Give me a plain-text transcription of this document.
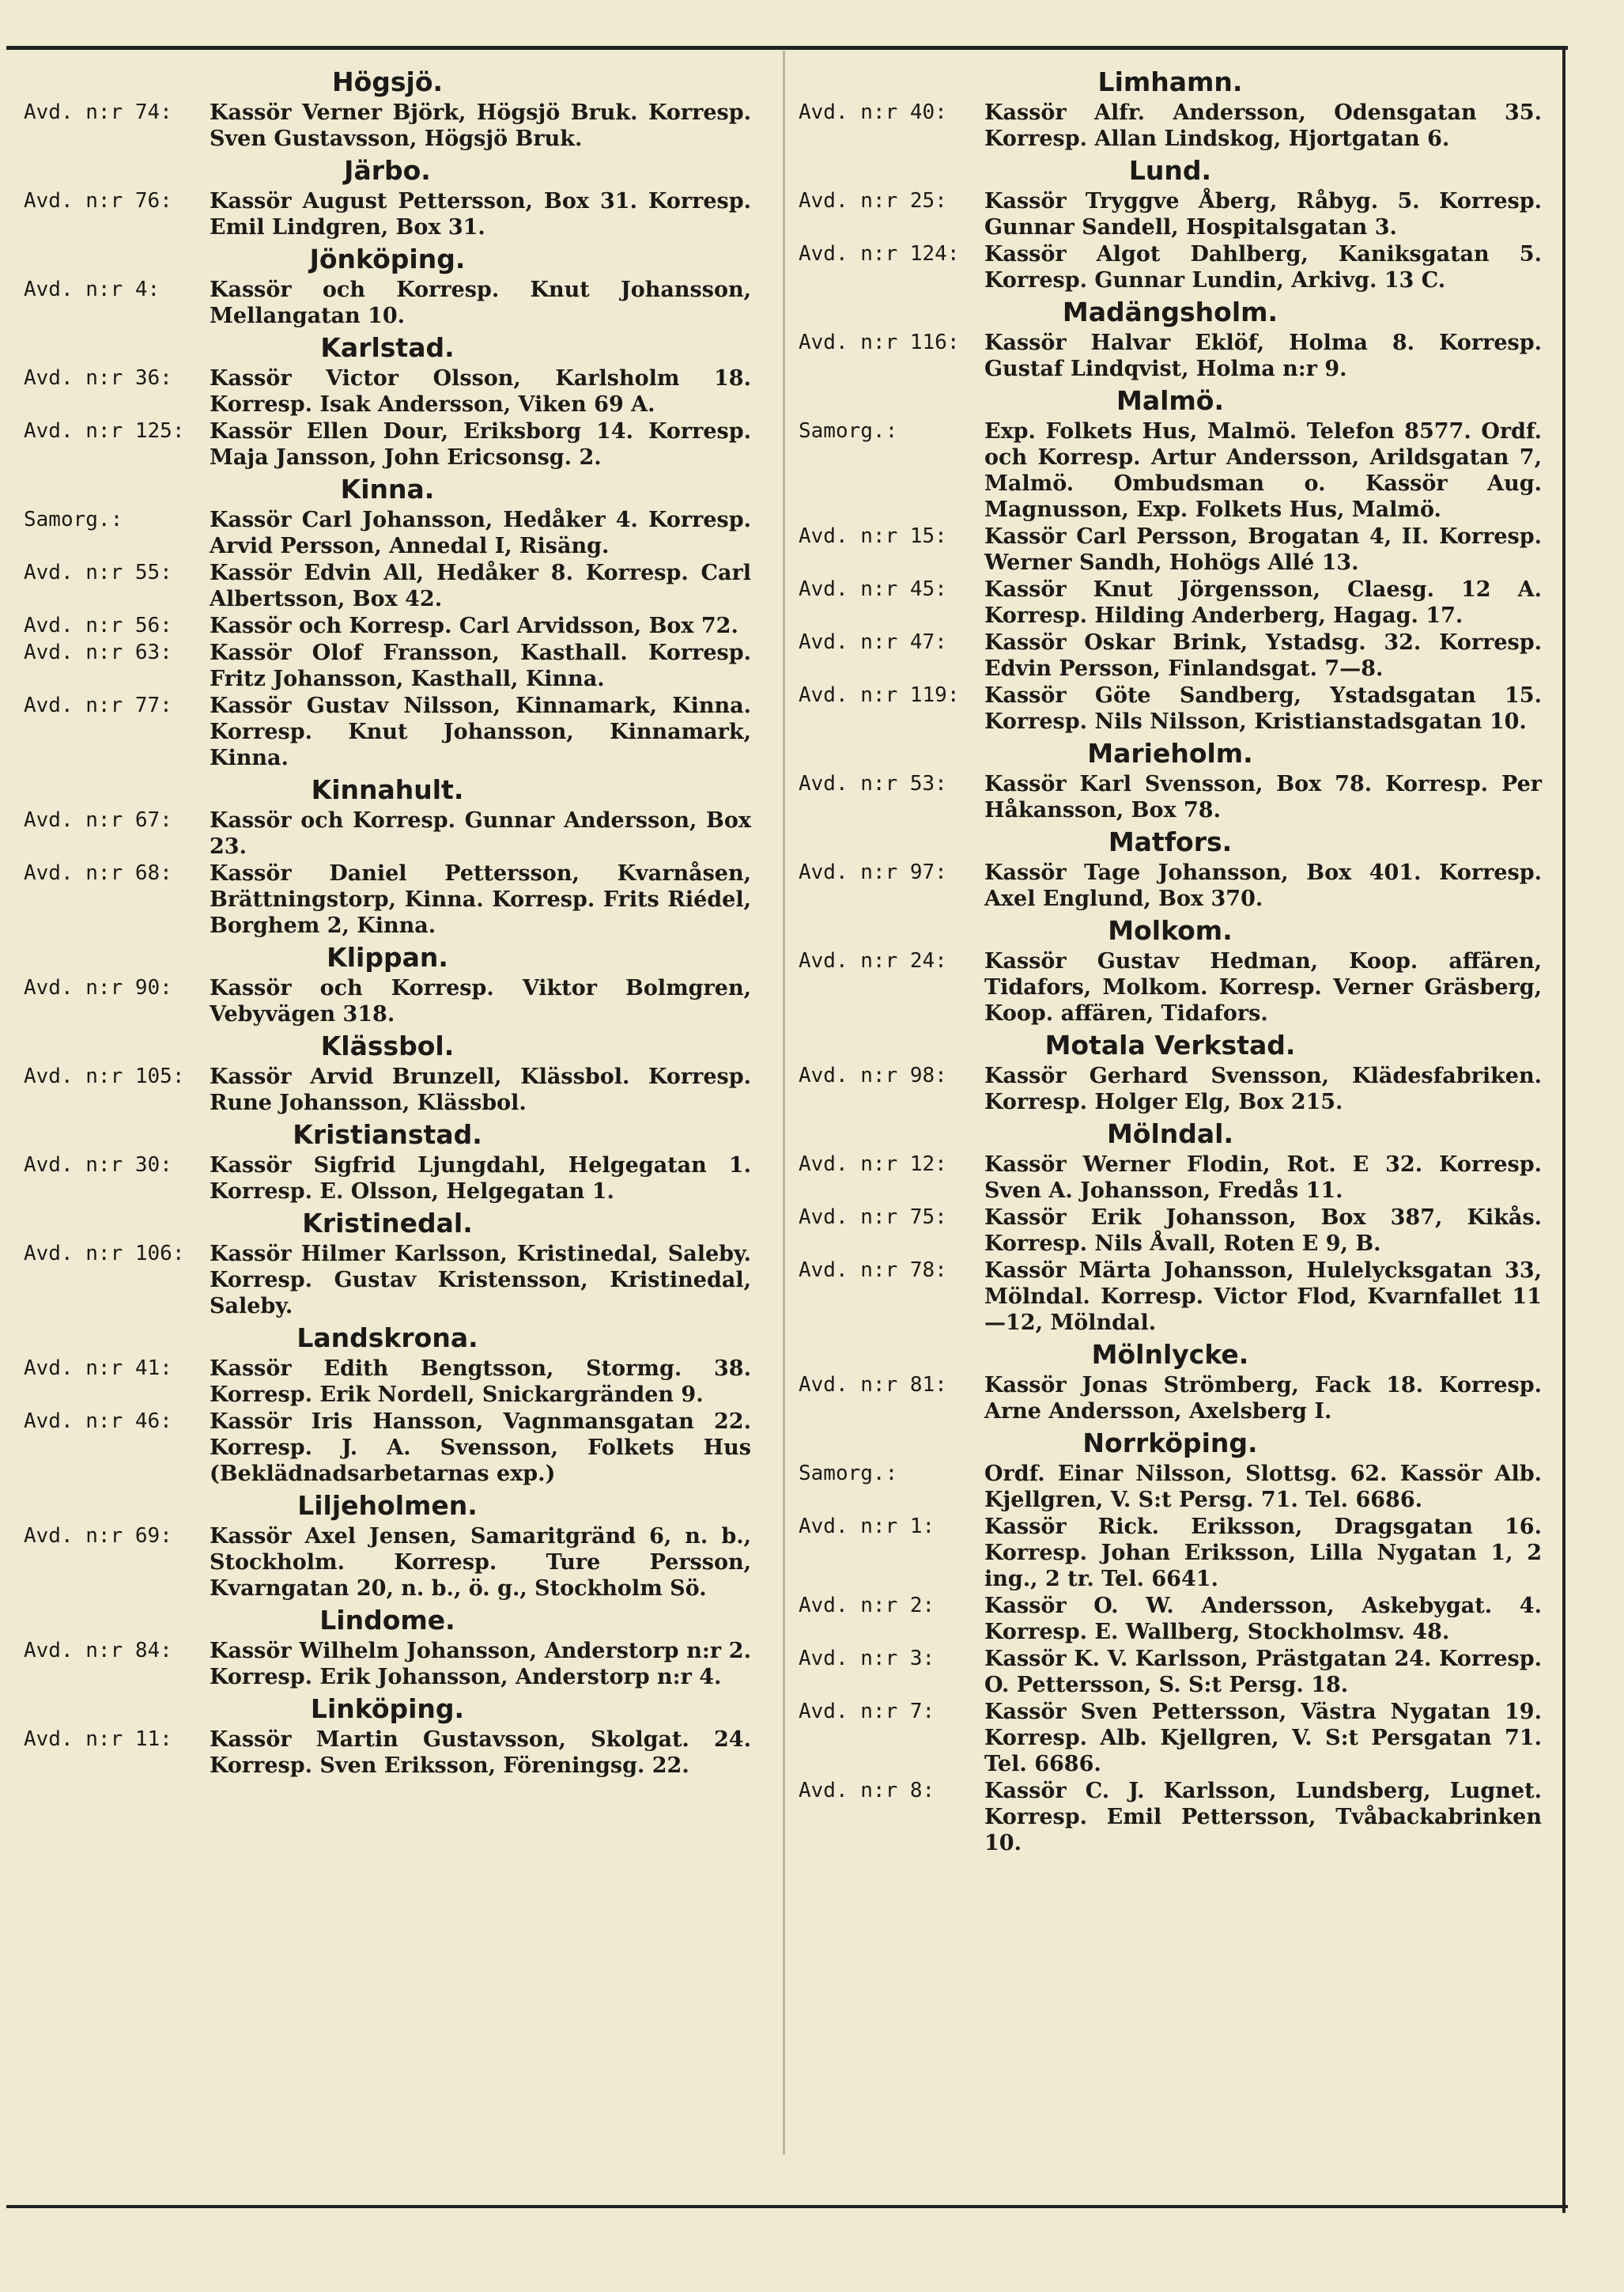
Högsjö.
Avd. n:r 74:	Kassör Verner Björk, Högsjö Bruk. Korresp. Sven Gustavsson, Högsjö Bruk.
Järbo.
Avd. n:r 76:	Kassör August Pettersson, Box 31. Korresp. Emil Lindgren, Box 31.
Jönköping.
Avd. n:r 4:	Kassör och Korresp. Knut Johansson, Mellangatan 10.
Karlstad.
Avd. n:r 36:	Kassör Victor Olsson, Karlsholm 18. Korresp. Isak Andersson, Viken 69 A.
Avd. n:r 125:	Kassör Ellen Dour, Eriksborg 14. Korresp. Maja Jansson, John Ericsonsg. 2.
Kinna.
Samorg.:	Kassör Carl Johansson, Hedåker 4. Korresp. Arvid Persson, Annedal I, Risäng.
Avd. n:r 55:	Kassör Edvin All, Hedåker 8. Korresp. Carl Albertsson, Box 42.
Avd. n:r 56:	Kassör och Korresp. Carl Arvidsson, Box 72.
Avd. n:r 63:	Kassör Olof Fransson, Kasthall. Korresp. Fritz Johansson, Kasthall, Kinna.
Avd. n:r 77:	Kassör Gustav Nilsson, Kinnamark, Kinna. Korresp. Knut Johansson, Kinnamark, Kinna.
Kinnahult.
Avd. n:r 67:	Kassör och Korresp. Gunnar Andersson, Box 23.
Avd. n:r 68:	Kassör Daniel Pettersson, Kvarnåsen, Brättningstorp, Kinna. Korresp. Frits Riédel, Borghem 2, Kinna.
Klippan.
Avd. n:r 90:	Kassör och Korresp. Viktor Bolmgren, Vebyvägen 318.
Klässbol.
Avd. n:r 105:	Kassör Arvid Brunzell, Klässbol. Korresp. Rune Johansson, Klässbol.
Kristianstad.
Avd. n:r 30:	Kassör Sigfrid Ljungdahl, Helgegatan 1. Korresp. E. Olsson, Helgegatan 1.
Kristinedal.
Avd. n:r 106:	Kassör Hilmer Karlsson, Kristinedal, Saleby. Korresp. Gustav Kristensson, Kristinedal, Saleby.
Landskrona.
Avd. n:r 41:	Kassör Edith Bengtsson, Stormg. 38. Korresp. Erik Nordell, Snickargränden 9.
Avd. n:r 46:	Kassör Iris Hansson, Vagnmansgatan 22. Korresp. J. A. Svensson, Folkets Hus (Beklädnadsarbetarnas exp.)
Liljeholmen.
Avd. n:r 69:	Kassör Axel Jensen, Samaritgränd 6, n. b., Stockholm. Korresp. Ture Persson, Kvarngatan 20, n. b., ö. g., Stockholm Sö.
Lindome.
Avd. n:r 84:	Kassör Wilhelm Johansson, Anderstorp n:r 2. Korresp. Erik Johansson, Anderstorp n:r 4.
Linköping.
Avd. n:r 11:	Kassör Martin Gustavsson, Skolgat. 24. Korresp. Sven Eriksson, Föreningsg. 22.
Limhamn.
Avd. n:r 40:	Kassör Alfr. Andersson, Odensgatan 35. Korresp. Allan Lindskog, Hjortgatan 6.
Lund.
Avd. n:r 25:	Kassör Tryggve Åberg, Råbyg. 5. Korresp. Gunnar Sandell, Hospitalsgatan 3.
Avd. n:r 124:	Kassör Algot Dahlberg, Kaniksgatan 5. Korresp. Gunnar Lundin, Arkivg. 13 C.
Madängsholm.
Avd. n:r 116:	Kassör Halvar Eklöf, Holma 8. Korresp. Gustaf Lindqvist, Holma n:r 9.
Malmö.
Samorg.:	Exp. Folkets Hus, Malmö. Telefon 8577. Ordf. och Korresp. Artur Andersson, Arildsgatan 7, Malmö. Ombudsman o. Kassör Aug. Magnusson, Exp. Folkets Hus, Malmö.
Avd. n:r 15:	Kassör Carl Persson, Brogatan 4, II. Korresp. Werner Sandh, Hohögs Allé 13.
Avd. n:r 45:	Kassör Knut Jörgensson, Claesg. 12 A. Korresp. Hilding Anderberg, Hagag. 17.
Avd. n:r 47:	Kassör Oskar Brink, Ystadsg. 32. Korresp. Edvin Persson, Finlandsgat. 7—8.
Avd. n:r 119:	Kassör Göte Sandberg, Ystadsgatan 15. Korresp. Nils Nilsson, Kristianstadsgatan 10.
Marieholm.
Avd. n:r 53:	Kassör Karl Svensson, Box 78. Korresp. Per Håkansson, Box 78.
Matfors.
Avd. n:r 97:	Kassör Tage Johansson, Box 401. Korresp. Axel Englund, Box 370.
Molkom.
Avd. n:r 24:	Kassör Gustav Hedman, Koop. affären, Tidafors, Molkom. Korresp. Verner Gräsberg, Koop. affären, Tidafors.
Motala Verkstad.
Avd. n:r 98:	Kassör Gerhard Svensson, Klädesfabriken. Korresp. Holger Elg, Box 215.
Mölndal.
Avd. n:r 12:	Kassör Werner Flodin, Rot. E 32. Korresp. Sven A. Johansson, Fredås 11.
Avd. n:r 75:	Kassör Erik Johansson, Box 387, Kikås. Korresp. Nils Åvall, Roten E 9, B.
Avd. n:r 78:	Kassör Märta Johansson, Hulelycksgatan 33, Mölndal. Korresp. Victor Flod, Kvarnfallet 11—12, Mölndal.
Mölnlycke.
Avd. n:r 81:	Kassör Jonas Strömberg, Fack 18. Korresp. Arne Andersson, Axelsberg I.
Norrköping.
Samorg.:	Ordf. Einar Nilsson, Slottsg. 62. Kassör Alb. Kjellgren, V. S:t Persg. 71. Tel. 6686.
Avd. n:r 1:	Kassör Rick. Eriksson, Dragsgatan 16. Korresp. Johan Eriksson, Lilla Nygatan 1, 2 ing., 2 tr. Tel. 6641.
Avd. n:r 2:	Kassör O. W. Andersson, Askebygat. 4. Korresp. E. Wallberg, Stockholmsv. 48.
Avd. n:r 3:	Kassör K. V. Karlsson, Prästgatan 24. Korresp. O. Pettersson, S. S:t Persg. 18.
Avd. n:r 7:	Kassör Sven Pettersson, Västra Nygatan 19. Korresp. Alb. Kjellgren, V. S:t Persgatan 71. Tel. 6686.
Avd. n:r 8:	Kassör C. J. Karlsson, Lundsberg, Lugnet. Korresp. Emil Pettersson, Tvåbackabrinken 10.
